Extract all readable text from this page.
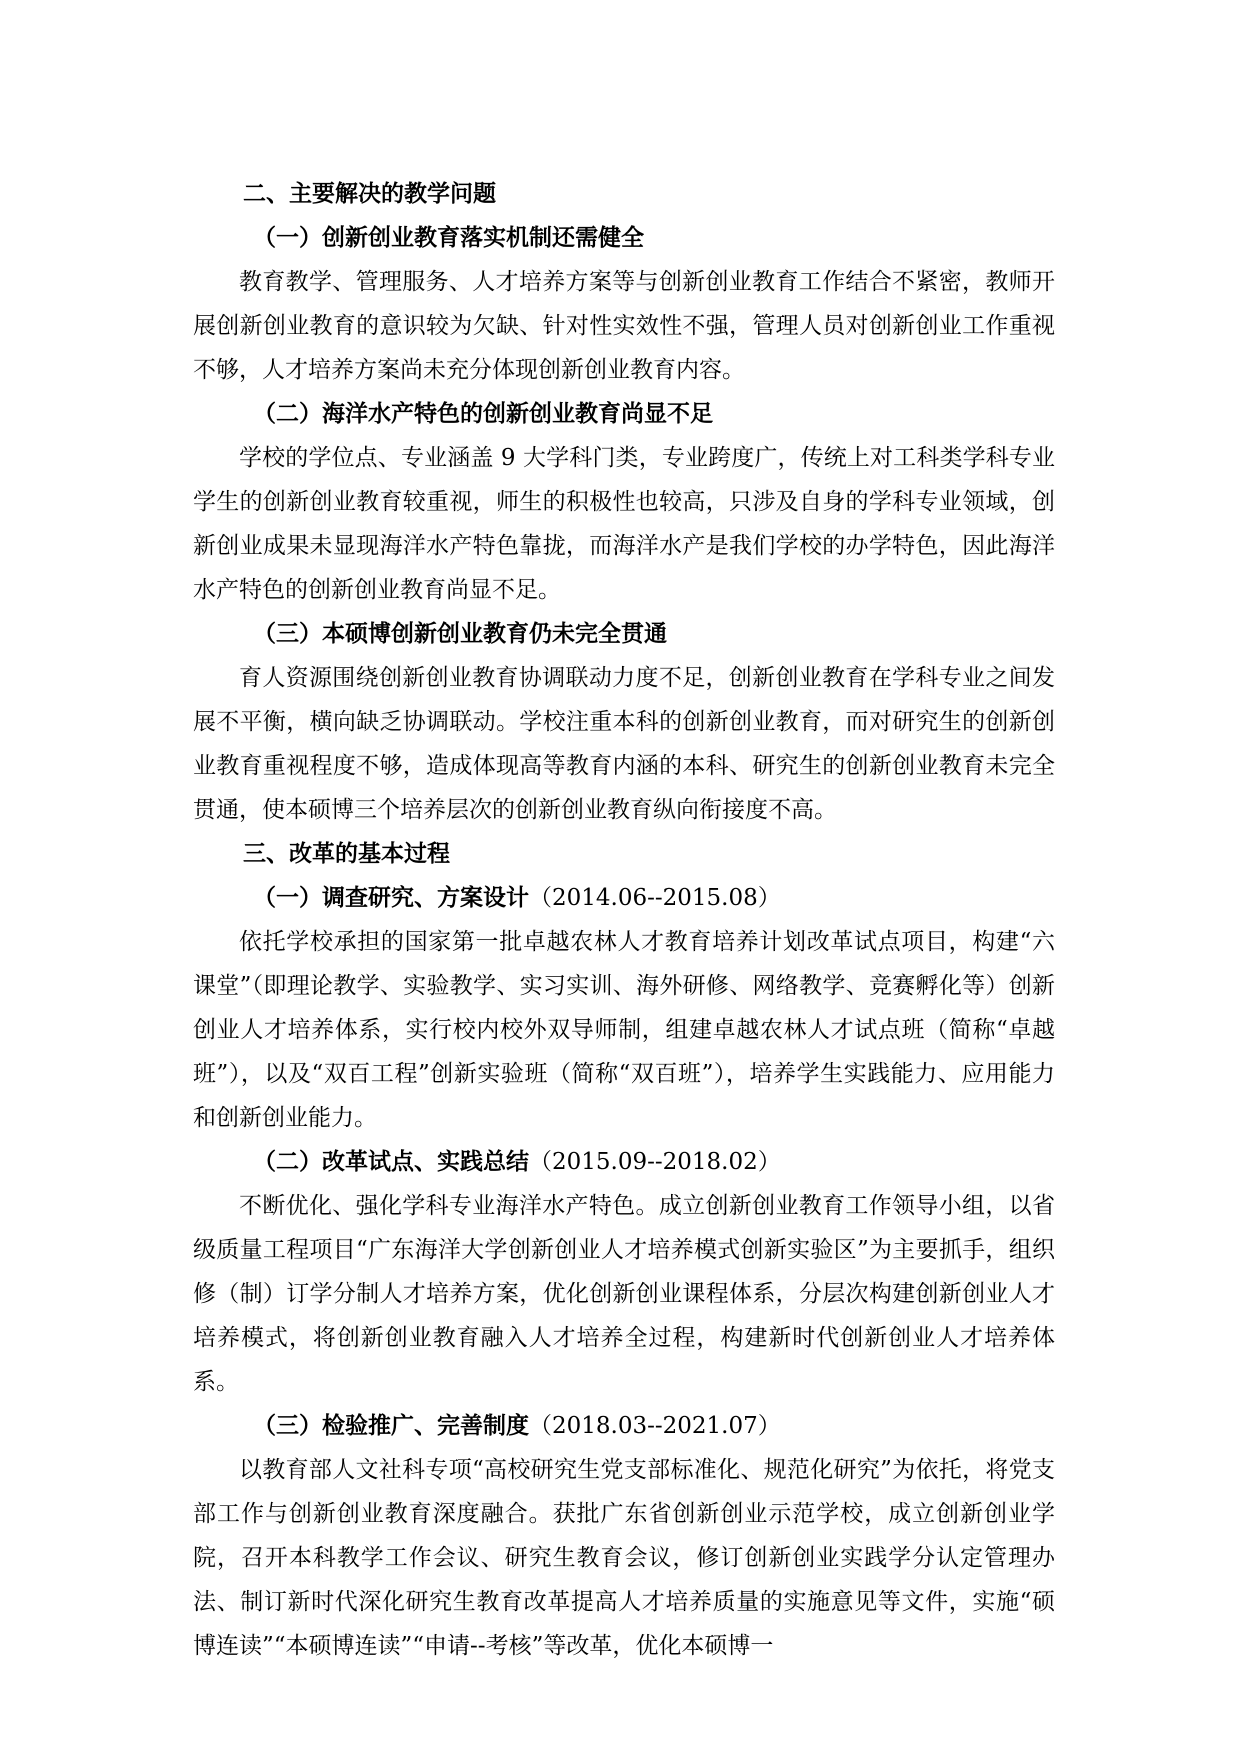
二、主要解决的教学问题
（一）创新创业教育落实机制还需健全

教育教学、管理服务、人才培养方案等与创新创业教育工作结合不紧密，教师开展创新创业教育的意识较为欠缺、针对性实效性不强，管理人员对创新创业工作重视不够，人才培养方案尚未充分体现创新创业教育内容。

（二）海洋水产特色的创新创业教育尚显不足

学校的学位点、专业涵盖 9 大学科门类，专业跨度广，传统上对工科类学科专业学生的创新创业教育较重视，师生的积极性也较高，只涉及自身的学科专业领域，创新创业成果未显现海洋水产特色靠拢，而海洋水产是我们学校的办学特色，因此海洋水产特色的创新创业教育尚显不足。

（三）本硕博创新创业教育仍未完全贯通

育人资源围绕创新创业教育协调联动力度不足，创新创业教育在学科专业之间发展不平衡，横向缺乏协调联动。学校注重本科的创新创业教育，而对研究生的创新创业教育重视程度不够，造成体现高等教育内涵的本科、研究生的创新创业教育未完全贯通，使本硕博三个培养层次的创新创业教育纵向衔接度不高。

三、改革的基本过程
（一）调查研究、方案设计（2014.06--2015.08）

依托学校承担的国家第一批卓越农林人才教育培养计划改革试点项目，构建“六课堂”（即理论教学、实验教学、实习实训、海外研修、网络教学、竞赛孵化等）创新创业人才培养体系，实行校内校外双导师制，组建卓越农林人才试点班（简称“卓越班”），以及“双百工程”创新实验班（简称“双百班”），培养学生实践能力、应用能力和创新创业能力。

（二）改革试点、实践总结（2015.09--2018.02）

不断优化、强化学科专业海洋水产特色。成立创新创业教育工作领导小组，以省级质量工程项目“广东海洋大学创新创业人才培养模式创新实验区”为主要抓手，组织修（制）订学分制人才培养方案，优化创新创业课程体系，分层次构建创新创业人才培养模式，将创新创业教育融入人才培养全过程，构建新时代创新创业人才培养体系。

（三）检验推广、完善制度（2018.03--2021.07）

以教育部人文社科专项“高校研究生党支部标准化、规范化研究”为依托，将党支部工作与创新创业教育深度融合。获批广东省创新创业示范学校，成立创新创业学院，召开本科教学工作会议、研究生教育会议，修订创新创业实践学分认定管理办法、制订新时代深化研究生教育改革提高人才培养质量的实施意见等文件，实施“硕博连读”“本硕博连读”“申请--考核”等改革，优化本硕博一
